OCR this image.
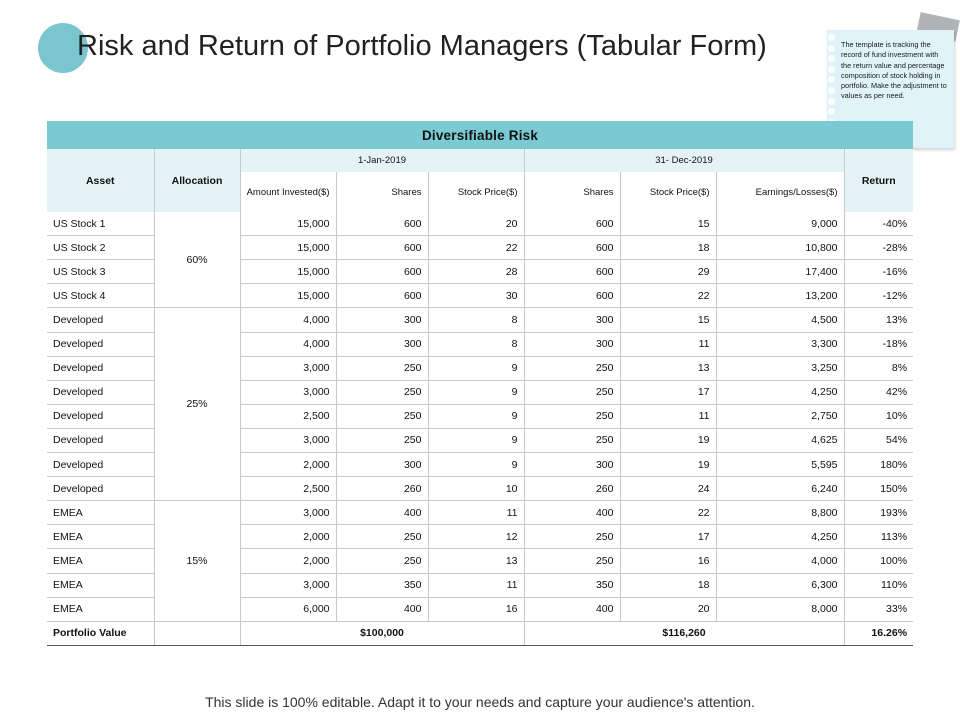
Risk and Return of Portfolio Managers (Tabular Form)	The template is tracking the record of fund investment with the return value and percentage composition of stock holding in portfolio. Make the adjustment to values as per need.
Diversifiable Risk								
Asset	Allocation	1-Jan-2019			31- Dec-2019			Return
		Amount Invested($)	Shares	Stock Price($)	Shares	Stock Price($)	Earnings/Losses($)	
US Stock 1	60%	15,000	600	20	600	15	9,000	-40%
US Stock 2		15,000	600	22	600	18	10,800	-28%
US Stock 3		15,000	600	28	600	29	17,400	-16%
US Stock 4		15,000	600	30	600	22	13,200	-12%
Developed	25%	4,000	300	8	300	15	4,500	13%
Developed		4,000	300	8	300	11	3,300	-18%
Developed		3,000	250	9	250	13	3,250	8%
Developed		3,000	250	9	250	17	4,250	42%
Developed		2,500	250	9	250	11	2,750	10%
Developed		3,000	250	9	250	19	4,625	54%
Developed		2,000	300	9	300	19	5,595	180%
Developed		2,500	260	10	260	24	6,240	150%
EMEA	15%	3,000	400	11	400	22	8,800	193%
EMEA		2,000	250	12	250	17	4,250	113%
EMEA		2,000	250	13	250	16	4,000	100%
EMEA		3,000	350	11	350	18	6,300	110%
EMEA		6,000	400	16	400	20	8,000	33%
Portfolio Value		$100,000			$116,260			16.26%
This slide is 100% editable. Adapt it to your needs and capture your audience's attention.
